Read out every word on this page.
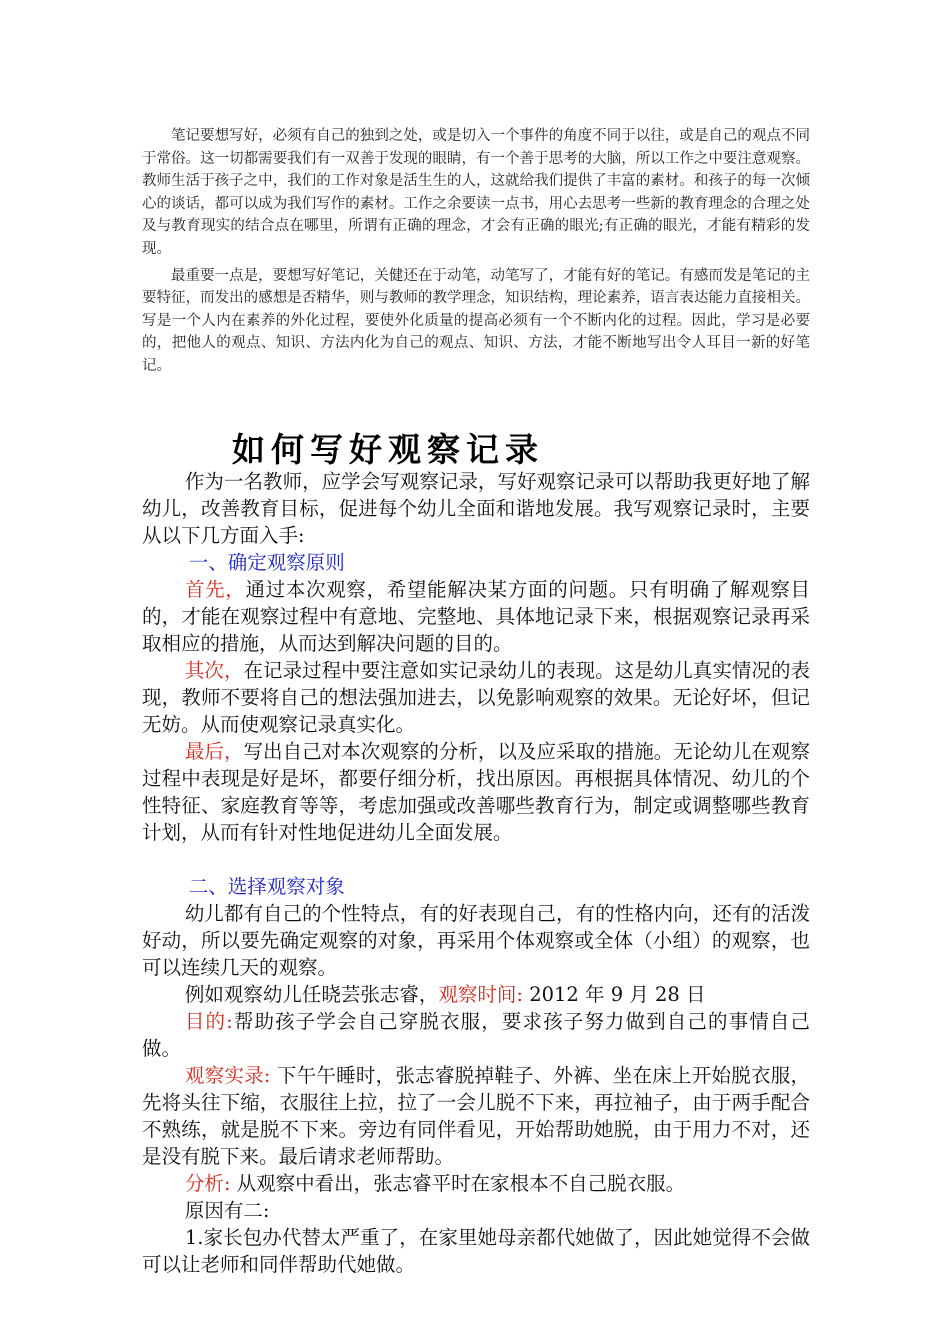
笔记要想写好，必须有自己的独到之处，或是切入一个事件的角度不同于以往，或是自己的观点不同于常俗。这一切都需要我们有一双善于发现的眼睛，有一个善于思考的大脑，所以工作之中要注意观察。教师生活于孩子之中，我们的工作对象是活生生的人，这就给我们提供了丰富的素材。和孩子的每一次倾心的谈话，都可以成为我们写作的素材。工作之余要读一点书，用心去思考一些新的教育理念的合理之处及与教育现实的结合点在哪里，所谓有正确的理念，才会有正确的眼光;有正确的眼光，才能有精彩的发现。

最重要一点是，要想写好笔记，关健还在于动笔，动笔写了，才能有好的笔记。有感而发是笔记的主要特征，而发出的感想是否精华，则与教师的教学理念，知识结构，理论素养，语言表达能力直接相关。写是一个人内在素养的外化过程，要使外化质量的提高必须有一个不断内化的过程。因此，学习是必要的，把他人的观点、知识、方法内化为自己的观点、知识、方法，才能不断地写出令人耳目一新的好笔记。

如何写好观察记录

作为一名教师，应学会写观察记录，写好观察记录可以帮助我更好地了解幼儿，改善教育目标，促进每个幼儿全面和谐地发展。我写观察记录时，主要从以下几方面入手:

一、确定观察原则

首先，通过本次观察，希望能解决某方面的问题。只有明确了解观察目的，才能在观察过程中有意地、完整地、具体地记录下来，根据观察记录再采取相应的措施，从而达到解决问题的目的。

其次，在记录过程中要注意如实记录幼儿的表现。这是幼儿真实情况的表现，教师不要将自己的想法强加进去，以免影响观察的效果。无论好坏，但记无妨。从而使观察记录真实化。

最后，写出自己对本次观察的分析，以及应采取的措施。无论幼儿在观察过程中表现是好是坏，都要仔细分析，找出原因。再根据具体情况、幼儿的个性特征、家庭教育等等，考虑加强或改善哪些教育行为，制定或调整哪些教育计划，从而有针对性地促进幼儿全面发展。

二、选择观察对象

幼儿都有自己的个性特点，有的好表现自己，有的性格内向，还有的活泼好动，所以要先确定观察的对象，再采用个体观察或全体（小组）的观察，也可以连续几天的观察。

例如观察幼儿任晓芸张志睿，观察时间: 2012 年 9 月 28 日

目的:帮助孩子学会自己穿脱衣服，要求孩子努力做到自己的事情自己做。

观察实录: 下午午睡时，张志睿脱掉鞋子、外裤、坐在床上开始脱衣服，先将头往下缩，衣服往上拉，拉了一会儿脱不下来，再拉袖子，由于两手配合不熟练，就是脱不下来。旁边有同伴看见，开始帮助她脱，由于用力不对，还是没有脱下来。最后请求老师帮助。

分析: 从观察中看出，张志睿平时在家根本不自己脱衣服。

原因有二:

1.家长包办代替太严重了，在家里她母亲都代她做了，因此她觉得不会做可以让老师和同伴帮助代她做。
